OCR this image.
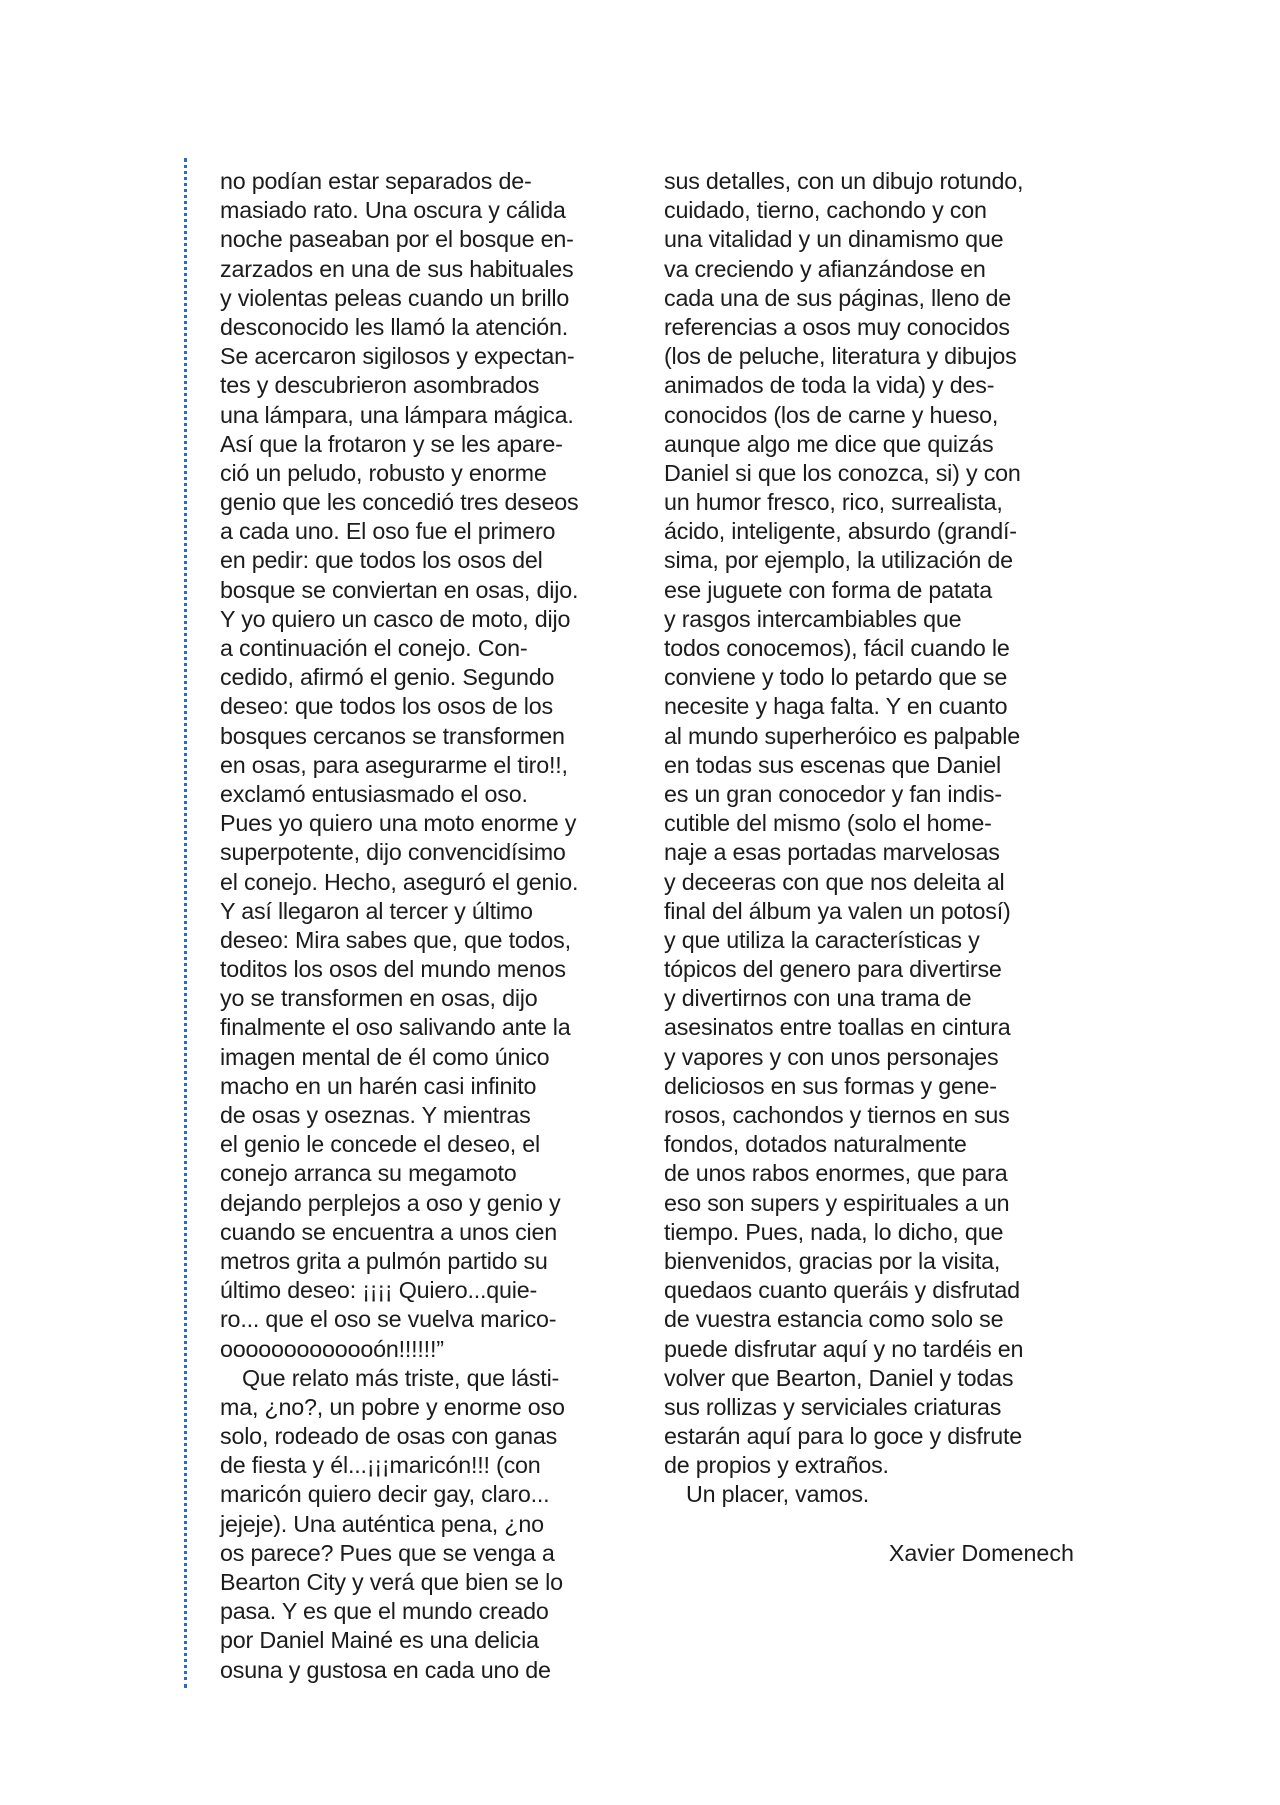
no podían estar separados de-
masiado rato. Una oscura y cálida
noche paseaban por el bosque en-
zarzados en una de sus habituales
y violentas peleas cuando un brillo
desconocido les llamó la atención.
Se acercaron sigilosos y expectan-
tes y descubrieron asombrados
una lámpara, una lámpara mágica.
Así que la frotaron y se les apare-
ció un peludo, robusto y enorme
genio que les concedió tres deseos
a cada uno. El oso fue el primero
en pedir: que todos los osos del
bosque se conviertan en osas, dijo.
Y yo quiero un casco de moto, dijo
a continuación el conejo. Con-
cedido, afirmó el genio. Segundo
deseo: que todos los osos de los
bosques cercanos se transformen
en osas, para asegurarme el tiro!!,
exclamó entusiasmado el oso.
Pues yo quiero una moto enorme y
superpotente, dijo convencidísimo
el conejo. Hecho, aseguró el genio.
Y así llegaron al tercer y último
deseo: Mira sabes que, que todos,
toditos los osos del mundo menos
yo se transformen en osas, dijo
finalmente el oso salivando ante la
imagen mental de él como único
macho en un harén casi infinito
de osas y oseznas. Y mientras
el genio le concede el deseo, el
conejo arranca su megamoto
dejando perplejos a oso y genio y
cuando se encuentra a unos cien
metros grita a pulmón partido su
último deseo: ¡¡¡¡ Quiero...quie-
ro... que el oso se vuelva marico-
ooooooooooooón!!!!!!”
Que relato más triste, que lásti-
ma, ¿no?, un pobre y enorme oso
solo, rodeado de osas con ganas
de fiesta y él...¡¡¡maricón!!! (con
maricón quiero decir gay, claro...
jejeje). Una auténtica pena, ¿no
os parece? Pues que se venga a
Bearton City y verá que bien se lo
pasa. Y es que el mundo creado
por Daniel Mainé es una delicia
osuna y gustosa en cada uno de
sus detalles, con un dibujo rotundo,
cuidado, tierno, cachondo y con
una vitalidad y un dinamismo que
va creciendo y afianzándose en
cada una de sus páginas, lleno de
referencias a osos muy conocidos
(los de peluche, literatura y dibujos
animados de toda la vida) y des-
conocidos (los de carne y hueso,
aunque algo me dice que quizás
Daniel si que los conozca, si) y con
un humor fresco, rico, surrealista,
ácido, inteligente, absurdo (grandí-
sima, por ejemplo, la utilización de
ese juguete con forma de patata
y rasgos intercambiables que
todos conocemos), fácil cuando le
conviene y todo lo petardo que se
necesite y haga falta. Y en cuanto
al mundo superheróico es palpable
en todas sus escenas que Daniel
es un gran conocedor y fan indis-
cutible del mismo (solo el home-
naje a esas portadas marvelosas
y deceeras con que nos deleita al
final del álbum ya valen un potosí)
y que utiliza la características y
tópicos del genero para divertirse
y divertirnos con una trama de
asesinatos entre toallas en cintura
y vapores y con unos personajes
deliciosos en sus formas y gene-
rosos, cachondos y tiernos en sus
fondos, dotados naturalmente
de unos rabos enormes, que para
eso son supers y espirituales a un
tiempo. Pues, nada, lo dicho, que
bienvenidos, gracias por la visita,
quedaos cuanto queráis y disfrutad
de vuestra estancia como solo se
puede disfrutar aquí y no tardéis en
volver que Bearton, Daniel y todas
sus rollizas y serviciales criaturas
estarán aquí para lo goce y disfrute
de propios y extraños.
Un placer, vamos.
Xavier Domenech
